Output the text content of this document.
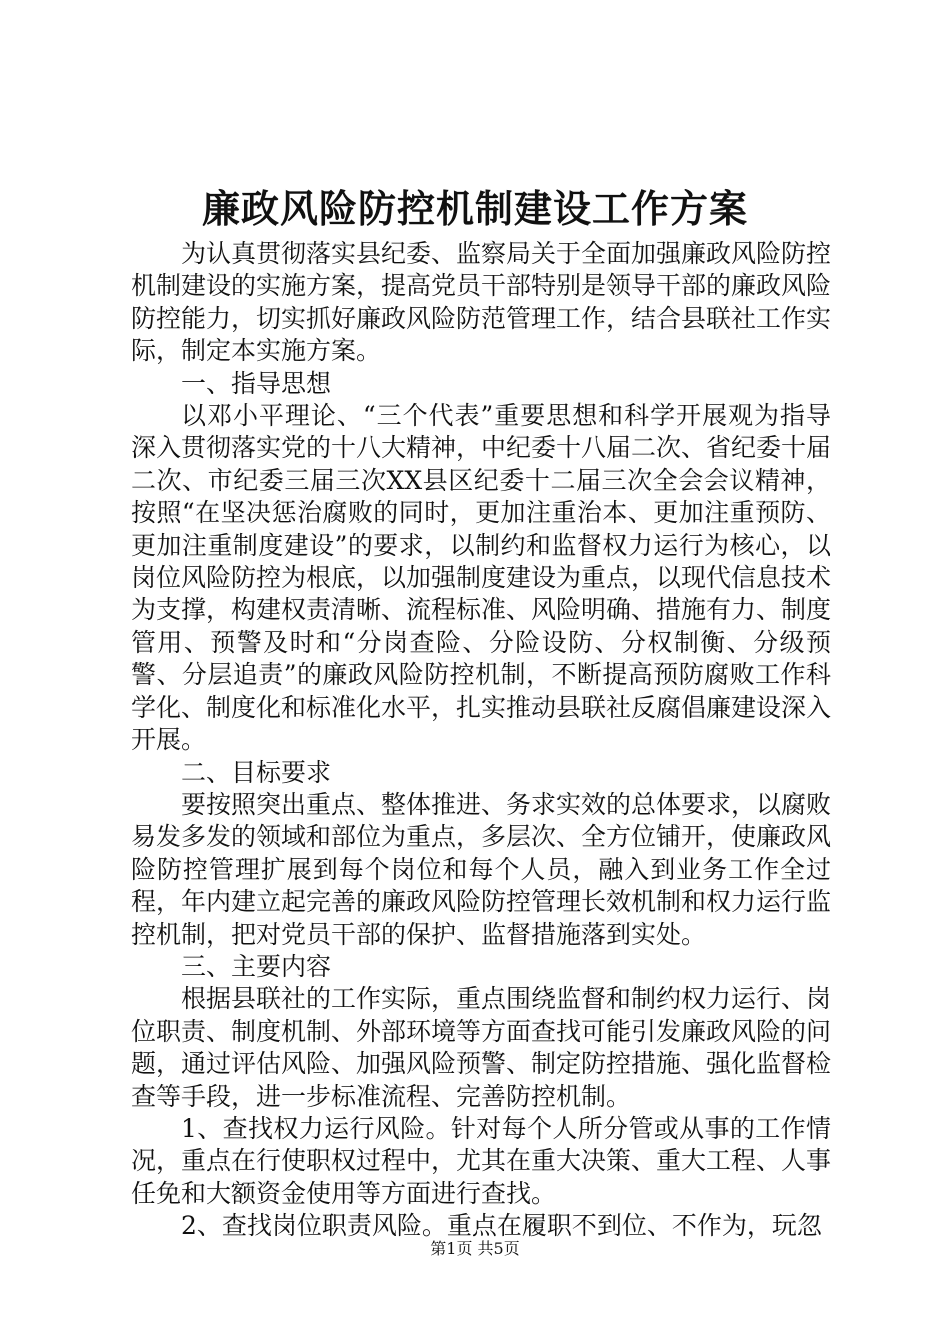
廉政风险防控机制建设工作方案

为认真贯彻落实县纪委、监察局关于全面加强廉政风险防控机制建设的实施方案，提高党员干部特别是领导干部的廉政风险防控能力，切实抓好廉政风险防范管理工作，结合县联社工作实际，制定本实施方案。

一、指导思想

以邓小平理论、“三个代表”重要思想和科学开展观为指导深入贯彻落实党的十八大精神，中纪委十八届二次、省纪委十届二次、市纪委三届三次XX县区纪委十二届三次全会会议精神，按照“在坚决惩治腐败的同时，更加注重治本、更加注重预防、更加注重制度建设”的要求，以制约和监督权力运行为核心，以岗位风险防控为根底，以加强制度建设为重点，以现代信息技术为支撑，构建权责清晰、流程标准、风险明确、措施有力、制度管用、预警及时和“分岗查险、分险设防、分权制衡、分级预警、分层追责”的廉政风险防控机制，不断提高预防腐败工作科学化、制度化和标准化水平，扎实推动县联社反腐倡廉建设深入开展。

二、目标要求

要按照突出重点、整体推进、务求实效的总体要求，以腐败易发多发的领域和部位为重点，多层次、全方位铺开，使廉政风险防控管理扩展到每个岗位和每个人员，融入到业务工作全过程，年内建立起完善的廉政风险防控管理长效机制和权力运行监控机制，把对党员干部的保护、监督措施落到实处。

三、主要内容

根据县联社的工作实际，重点围绕监督和制约权力运行、岗位职责、制度机制、外部环境等方面查找可能引发廉政风险的问题，通过评估风险、加强风险预警、制定防控措施、强化监督检查等手段，进一步标准流程、完善防控机制。

1、查找权力运行风险。针对每个人所分管或从事的工作情况，重点在行使职权过程中，尤其在重大决策、重大工程、人事任免和大额资金使用等方面进行查找。

2、查找岗位职责风险。重点在履职不到位、不作为，玩忽

第1页 共5页
